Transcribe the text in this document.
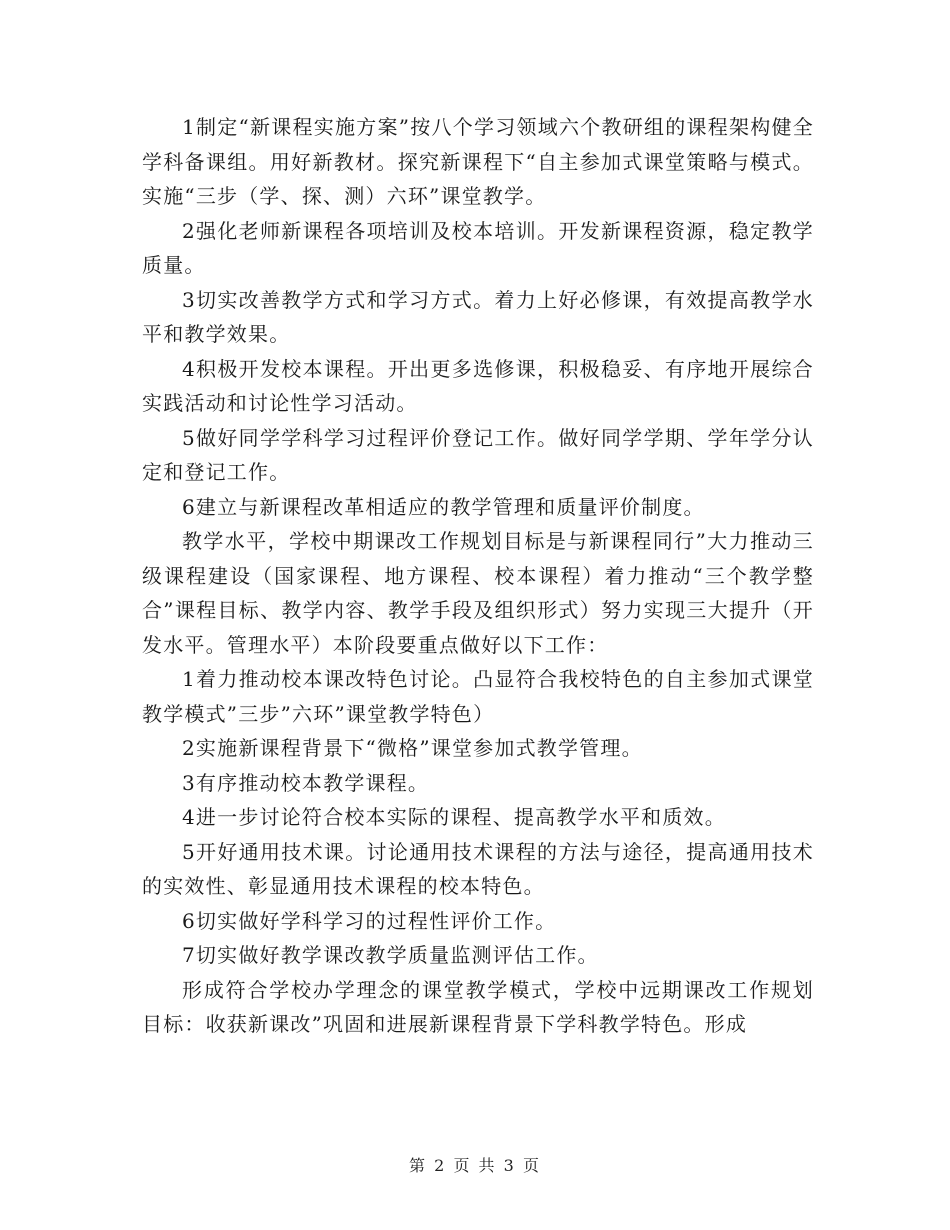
1制定“新课程实施方案”按八个学习领域六个教研组的课程架构健全学科备课组。用好新教材。探究新课程下“自主参加式课堂策略与模式。实施“三步（学、探、测）六环”课堂教学。

2强化老师新课程各项培训及校本培训。开发新课程资源，稳定教学质量。

3切实改善教学方式和学习方式。着力上好必修课，有效提高教学水平和教学效果。

4积极开发校本课程。开出更多选修课，积极稳妥、有序地开展综合实践活动和讨论性学习活动。

5做好同学学科学习过程评价登记工作。做好同学学期、学年学分认定和登记工作。

6建立与新课程改革相适应的教学管理和质量评价制度。

教学水平，学校中期课改工作规划目标是与新课程同行”大力推动三级课程建设（国家课程、地方课程、校本课程）着力推动“三个教学整合”课程目标、教学内容、教学手段及组织形式）努力实现三大提升（开发水平。管理水平）本阶段要重点做好以下工作：

1着力推动校本课改特色讨论。凸显符合我校特色的自主参加式课堂教学模式”三步”六环”课堂教学特色）

2实施新课程背景下“微格”课堂参加式教学管理。

3有序推动校本教学课程。

4进一步讨论符合校本实际的课程、提高教学水平和质效。

5开好通用技术课。讨论通用技术课程的方法与途径，提高通用技术的实效性、彰显通用技术课程的校本特色。

6切实做好学科学习的过程性评价工作。

7切实做好教学课改教学质量监测评估工作。

形成符合学校办学理念的课堂教学模式，学校中远期课改工作规划目标：收获新课改”巩固和进展新课程背景下学科教学特色。形成

第 2 页 共 3 页
